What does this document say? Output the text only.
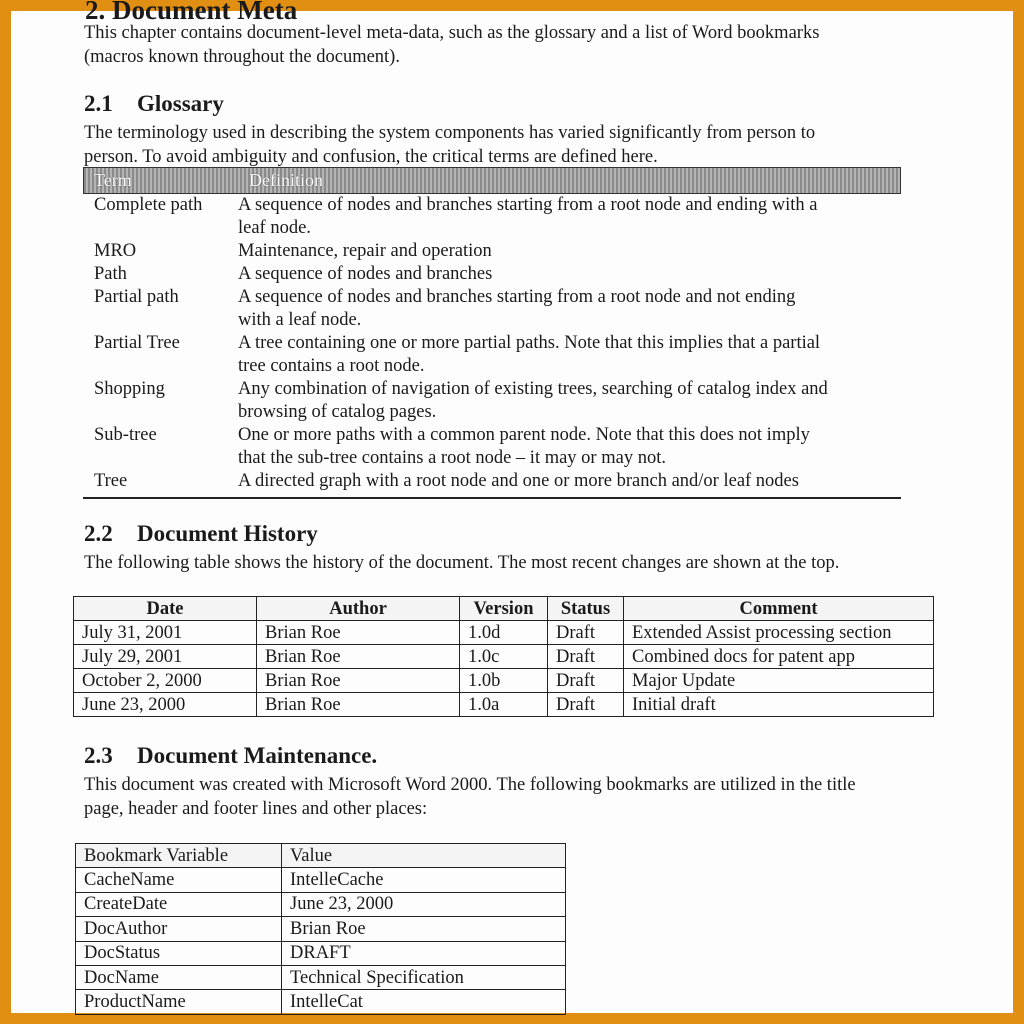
2. Document Meta
This chapter contains document-level meta-data, such as the glossary and a list of Word bookmarks
(macros known throughout the document).
2.1 Glossary
The terminology used in describing the system components has varied significantly from person to
person. To avoid ambiguity and confusion, the critical terms are defined here.
Term	Definition
Complete path	A sequence of nodes and branches starting from a root node and ending with a
leaf node.
MRO	Maintenance, repair and operation
Path	A sequence of nodes and branches
Partial path	A sequence of nodes and branches starting from a root node and not ending
with a leaf node.
Partial Tree	A tree containing one or more partial paths. Note that this implies that a partial
tree contains a root node.
Shopping	Any combination of navigation of existing trees, searching of catalog index and
browsing of catalog pages.
Sub-tree	One or more paths with a common parent node. Note that this does not imply
that the sub-tree contains a root node – it may or may not.
Tree	A directed graph with a root node and one or more branch and/or leaf nodes
2.2 Document History
The following table shows the history of the document. The most recent changes are shown at the top.
Date	Author	Version	Status	Comment
July 31, 2001	Brian Roe	1.0d	Draft	Extended Assist processing section
July 29, 2001	Brian Roe	1.0c	Draft	Combined docs for patent app
October 2, 2000	Brian Roe	1.0b	Draft	Major Update
June 23, 2000	Brian Roe	1.0a	Draft	Initial draft
2.3 Document Maintenance.
This document was created with Microsoft Word 2000. The following bookmarks are utilized in the title
page, header and footer lines and other places:
Bookmark Variable	Value
CacheName	IntelleCache
CreateDate	June 23, 2000
DocAuthor	Brian Roe
DocStatus	DRAFT
DocName	Technical Specification
ProductName	IntelleCat
